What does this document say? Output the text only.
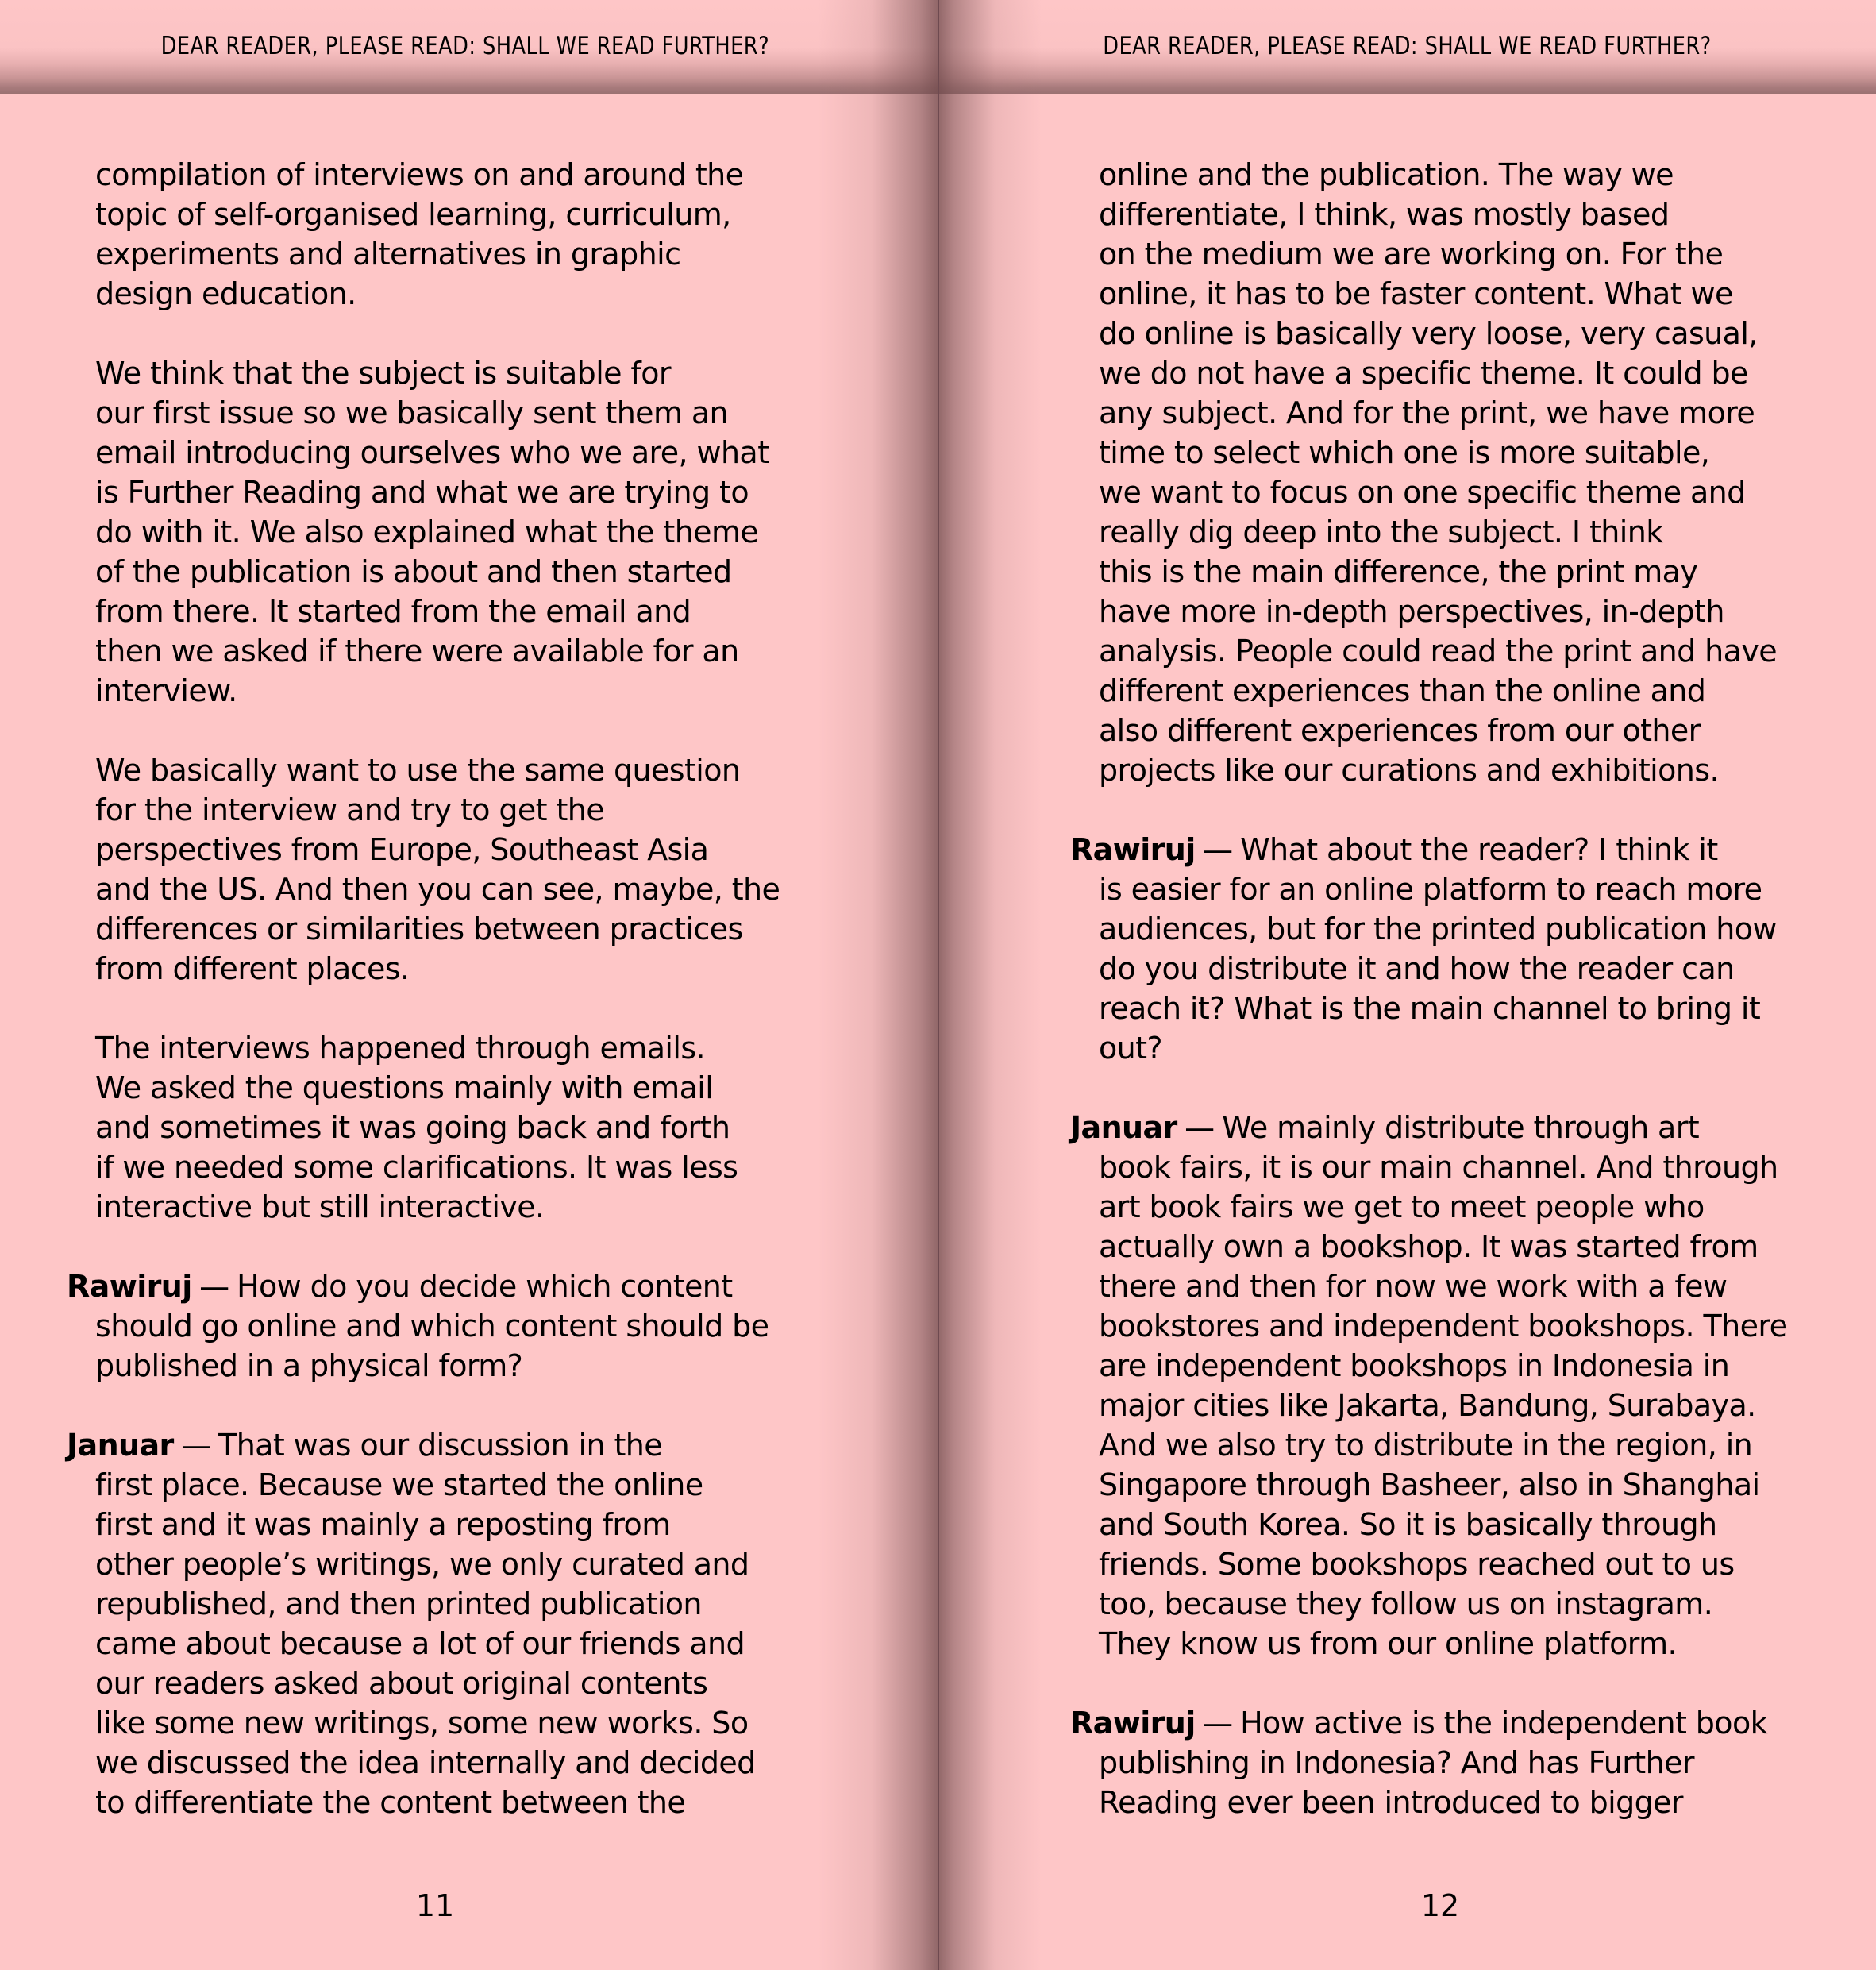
DEAR READER, PLEASE READ: SHALL WE READ FURTHER?

compilation of interviews on and around the
topic of self-organised learning, curriculum,
experiments and alternatives in graphic
design education.

We think that the subject is suitable for
our first issue so we basically sent them an
email introducing ourselves who we are, what
is Further Reading and what we are trying to
do with it. We also explained what the theme
of the publication is about and then started
from there. It started from the email and
then we asked if there were available for an
interview.

We basically want to use the same question
for the interview and try to get the
perspectives from Europe, Southeast Asia
and the US. And then you can see, maybe, the
differences or similarities between practices
from different places.

The interviews happened through emails.
We asked the questions mainly with email
and sometimes it was going back and forth
if we needed some clarifications. It was less
interactive but still interactive.

Rawiruj — How do you decide which content
should go online and which content should be
published in a physical form?

Januar — That was our discussion in the
first place. Because we started the online
first and it was mainly a reposting from
other people’s writings, we only curated and
republished, and then printed publication
came about because a lot of our friends and
our readers asked about original contents
like some new writings, some new works. So
we discussed the idea internally and decided
to differentiate the content between the

11
DEAR READER, PLEASE READ: SHALL WE READ FURTHER?

online and the publication. The way we
differentiate, I think, was mostly based
on the medium we are working on. For the
online, it has to be faster content. What we
do online is basically very loose, very casual,
we do not have a specific theme. It could be
any subject. And for the print, we have more
time to select which one is more suitable,
we want to focus on one specific theme and
really dig deep into the subject. I think
this is the main difference, the print may
have more in-depth perspectives, in-depth
analysis. People could read the print and have
different experiences than the online and
also different experiences from our other
projects like our curations and exhibitions.

Rawiruj — What about the reader? I think it
is easier for an online platform to reach more
audiences, but for the printed publication how
do you distribute it and how the reader can
reach it? What is the main channel to bring it
out?

Januar — We mainly distribute through art
book fairs, it is our main channel. And through
art book fairs we get to meet people who
actually own a bookshop. It was started from
there and then for now we work with a few
bookstores and independent bookshops. There
are independent bookshops in Indonesia in
major cities like Jakarta, Bandung, Surabaya.
And we also try to distribute in the region, in
Singapore through Basheer, also in Shanghai
and South Korea. So it is basically through
friends. Some bookshops reached out to us
too, because they follow us on instagram.
They know us from our online platform.

Rawiruj — How active is the independent book
publishing in Indonesia? And has Further
Reading ever been introduced to bigger

12
